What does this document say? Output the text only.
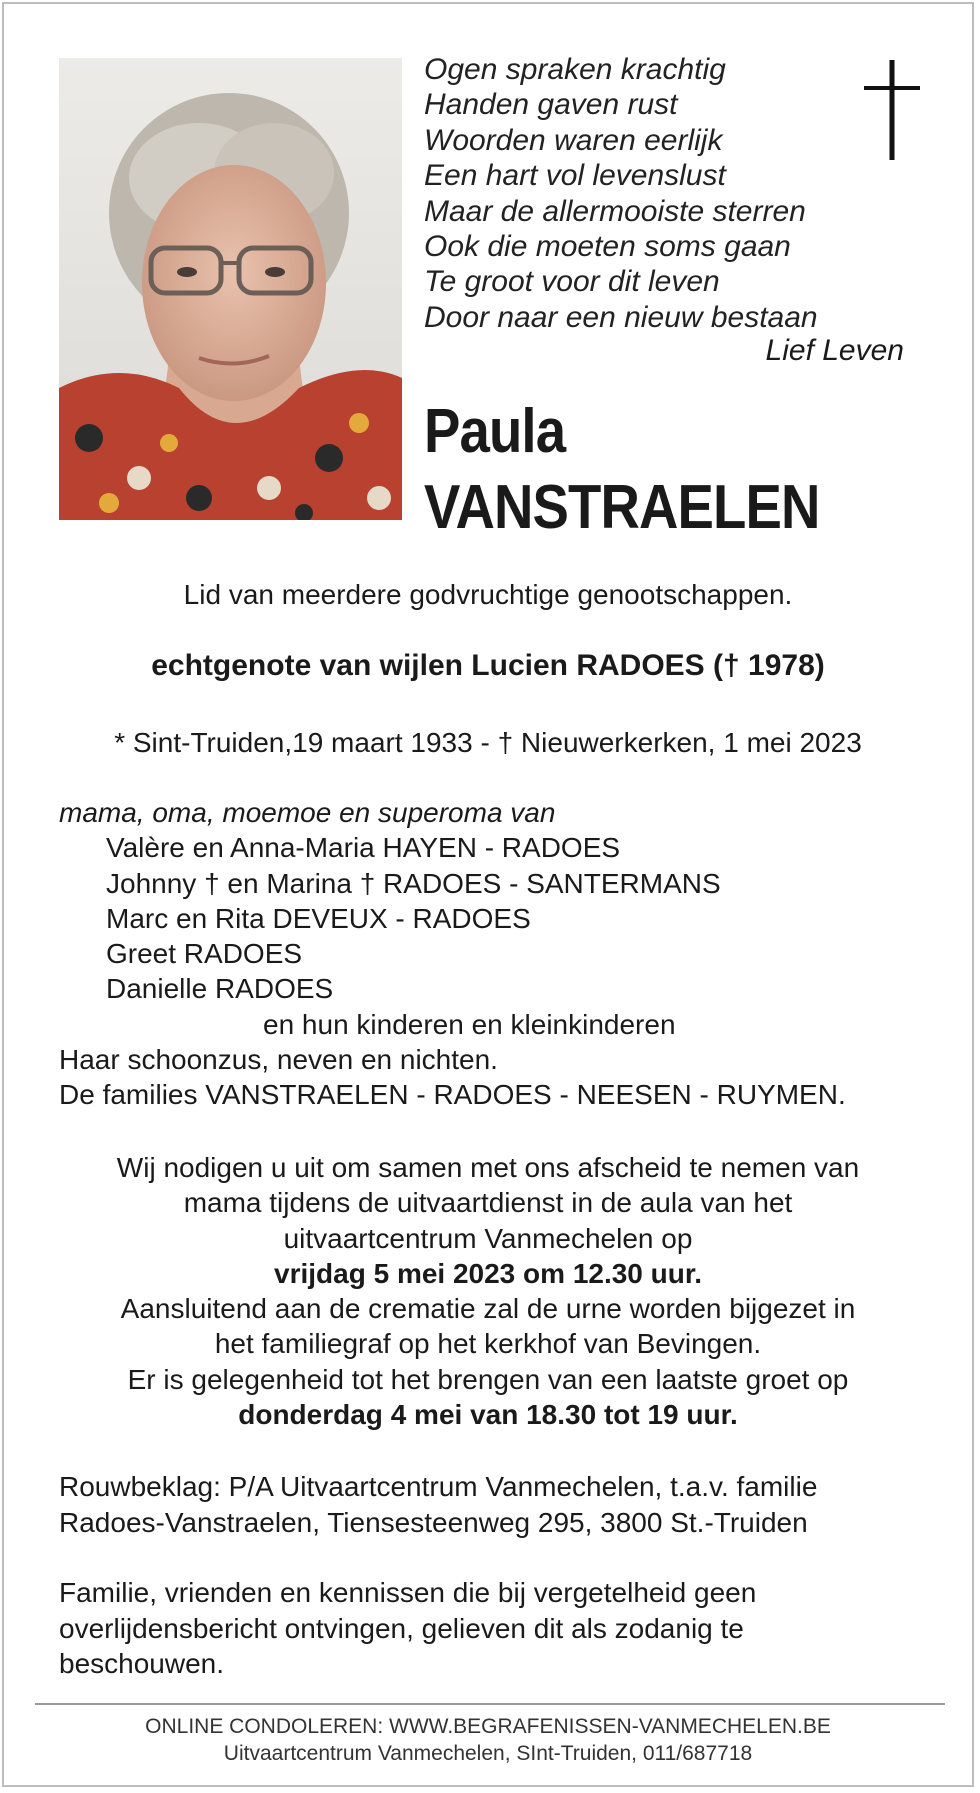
Ogen spraken krachtig
Handen gaven rust
Woorden waren eerlijk
Een hart vol levenslust
Maar de allermooiste sterren
Ook die moeten soms gaan
Te groot voor dit leven
Door naar een nieuw bestaan
Lief Leven
Paula
VANSTRAELEN
Lid van meerdere godvruchtige genootschappen.
echtgenote van wijlen Lucien RADOES († 1978)
* Sint-Truiden,19 maart 1933 - † Nieuwerkerken, 1 mei 2023
mama, oma, moemoe en superoma van
Valère en Anna-Maria HAYEN - RADOES
Johnny † en Marina † RADOES - SANTERMANS
Marc en Rita DEVEUX - RADOES
Greet RADOES
Danielle RADOES
en hun kinderen en kleinkinderen
Haar schoonzus, neven en nichten.
De families VANSTRAELEN - RADOES - NEESEN - RUYMEN.
Wij nodigen u uit om samen met ons afscheid te nemen van
mama tijdens de uitvaartdienst in de aula van het
uitvaartcentrum Vanmechelen op
vrijdag 5 mei 2023 om 12.30 uur.
Aansluitend aan de crematie zal de urne worden bijgezet in
het familiegraf op het kerkhof van Bevingen.
Er is gelegenheid tot het brengen van een laatste groet op
donderdag 4 mei van 18.30 tot 19 uur.
Rouwbeklag: P/A Uitvaartcentrum Vanmechelen, t.a.v. familie
Radoes-Vanstraelen, Tiensesteenweg 295, 3800 St.-Truiden
Familie, vrienden en kennissen die bij vergetelheid geen
overlijdensbericht ontvingen, gelieven dit als zodanig te
beschouwen.
ONLINE CONDOLEREN: WWW.BEGRAFENISSEN-VANMECHELEN.BE
Uitvaartcentrum Vanmechelen, SInt-Truiden, 011/687718
